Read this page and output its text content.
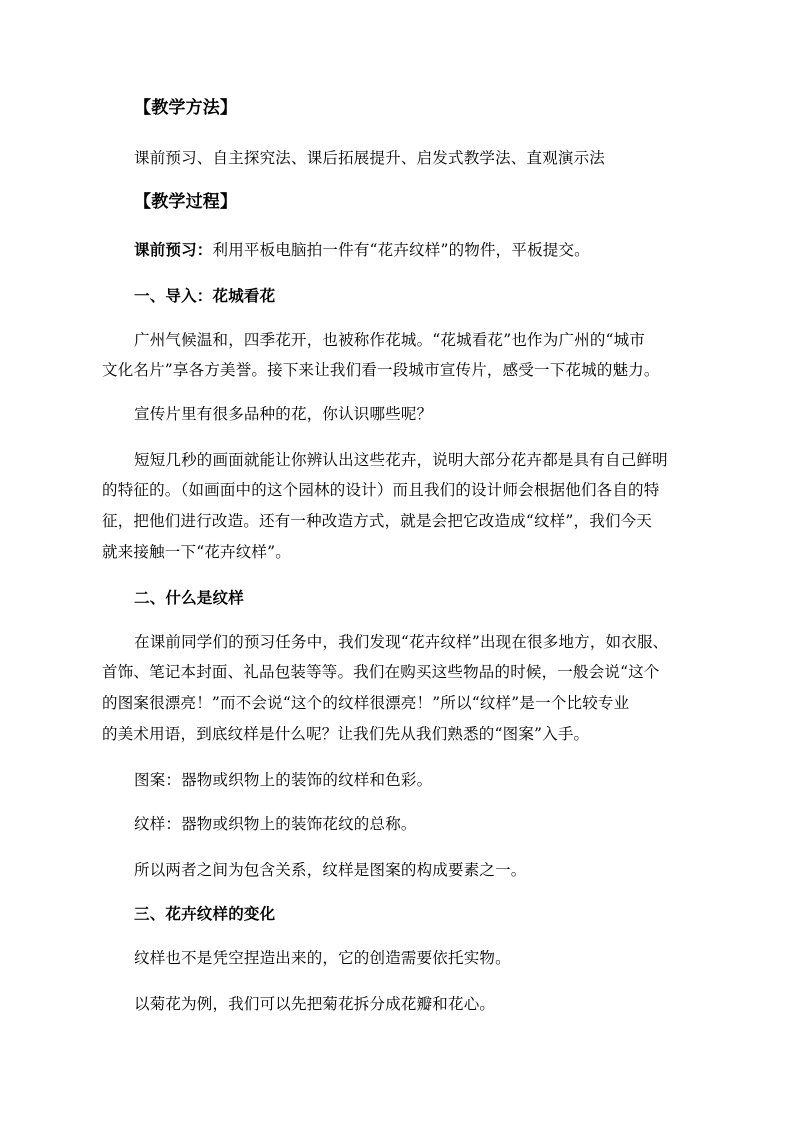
【教学方法】
课前预习、自主探究法、课后拓展提升、启发式教学法、直观演示法
【教学过程】
课前预习：利用平板电脑拍一件有“花卉纹样”的物件，平板提交。
一、导入：花城看花
广州气候温和，四季花开，也被称作花城。“花城看花”也作为广州的“城市
文化名片”享各方美誉。接下来让我们看一段城市宣传片，感受一下花城的魅力。
宣传片里有很多品种的花，你认识哪些呢？
短短几秒的画面就能让你辨认出这些花卉，说明大部分花卉都是具有自己鲜明
的特征的。（如画面中的这个园林的设计）而且我们的设计师会根据他们各自的特
征，把他们进行改造。还有一种改造方式，就是会把它改造成“纹样”，我们今天
就来接触一下“花卉纹样”。
二、什么是纹样
在课前同学们的预习任务中，我们发现“花卉纹样”出现在很多地方，如衣服、
首饰、笔记本封面、礼品包装等等。我们在购买这些物品的时候，一般会说“这个
的图案很漂亮！”而不会说“这个的纹样很漂亮！”所以“纹样”是一个比较专业
的美术用语，到底纹样是什么呢？让我们先从我们熟悉的“图案”入手。
图案：器物或织物上的装饰的纹样和色彩。
纹样：器物或织物上的装饰花纹的总称。
所以两者之间为包含关系，纹样是图案的构成要素之一。
三、花卉纹样的变化
纹样也不是凭空捏造出来的，它的创造需要依托实物。
以菊花为例，我们可以先把菊花拆分成花瓣和花心。
